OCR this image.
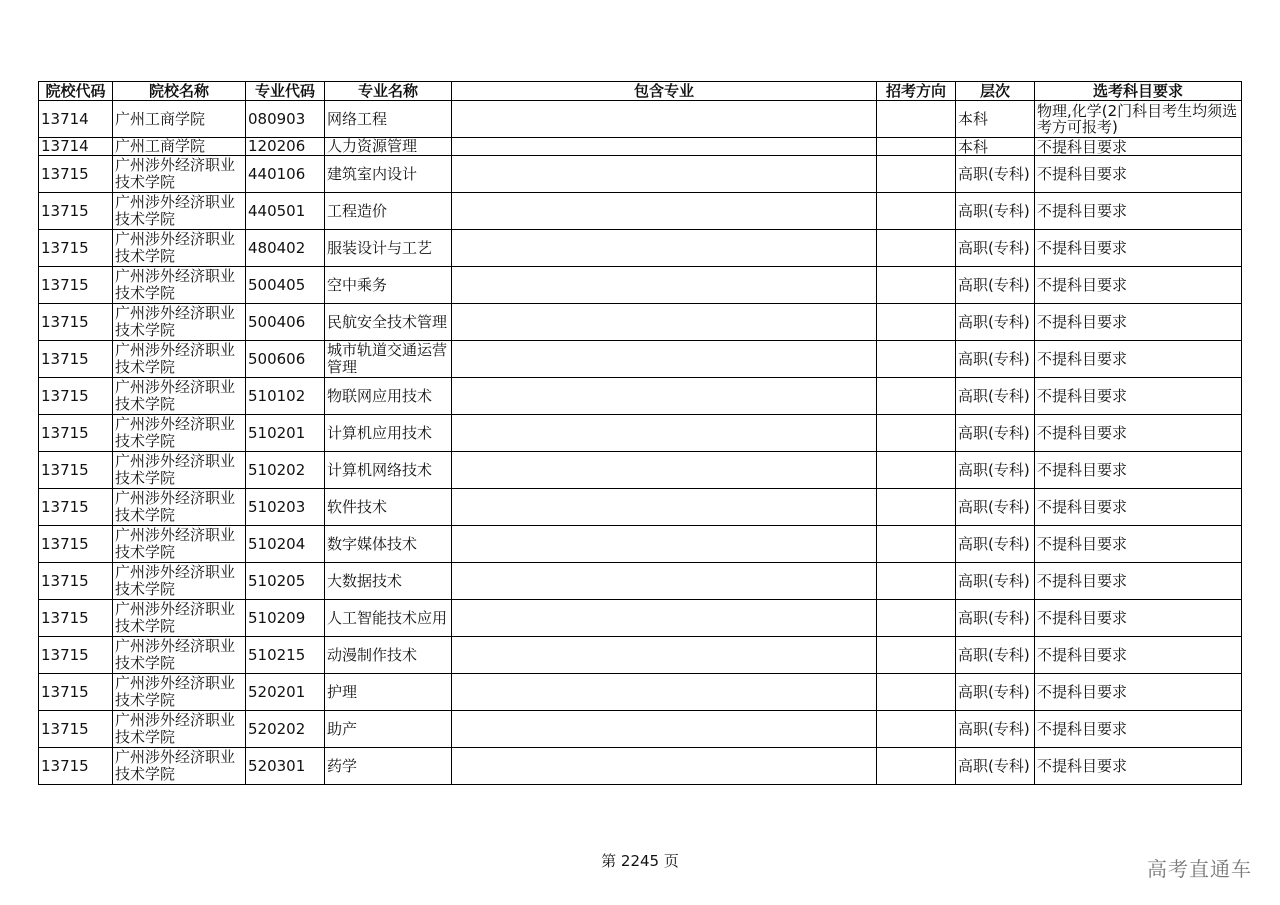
院校代码	院校名称	专业代码	专业名称	包含专业	招考方向	层次	选考科目要求
13714	广州工商学院	080903	网络工程			本科	物理,化学(2门科目考生均须选考方可报考)
13714	广州工商学院	120206	人力资源管理			本科	不提科目要求
13715	广州涉外经济职业技术学院	440106	建筑室内设计			高职(专科)	不提科目要求
13715	广州涉外经济职业技术学院	440501	工程造价			高职(专科)	不提科目要求
13715	广州涉外经济职业技术学院	480402	服装设计与工艺			高职(专科)	不提科目要求
13715	广州涉外经济职业技术学院	500405	空中乘务			高职(专科)	不提科目要求
13715	广州涉外经济职业技术学院	500406	民航安全技术管理			高职(专科)	不提科目要求
13715	广州涉外经济职业技术学院	500606	城市轨道交通运营管理			高职(专科)	不提科目要求
13715	广州涉外经济职业技术学院	510102	物联网应用技术			高职(专科)	不提科目要求
13715	广州涉外经济职业技术学院	510201	计算机应用技术			高职(专科)	不提科目要求
13715	广州涉外经济职业技术学院	510202	计算机网络技术			高职(专科)	不提科目要求
13715	广州涉外经济职业技术学院	510203	软件技术			高职(专科)	不提科目要求
13715	广州涉外经济职业技术学院	510204	数字媒体技术			高职(专科)	不提科目要求
13715	广州涉外经济职业技术学院	510205	大数据技术			高职(专科)	不提科目要求
13715	广州涉外经济职业技术学院	510209	人工智能技术应用			高职(专科)	不提科目要求
13715	广州涉外经济职业技术学院	510215	动漫制作技术			高职(专科)	不提科目要求
13715	广州涉外经济职业技术学院	520201	护理			高职(专科)	不提科目要求
13715	广州涉外经济职业技术学院	520202	助产			高职(专科)	不提科目要求
13715	广州涉外经济职业技术学院	520301	药学			高职(专科)	不提科目要求
第 2245 页	高考直通车
